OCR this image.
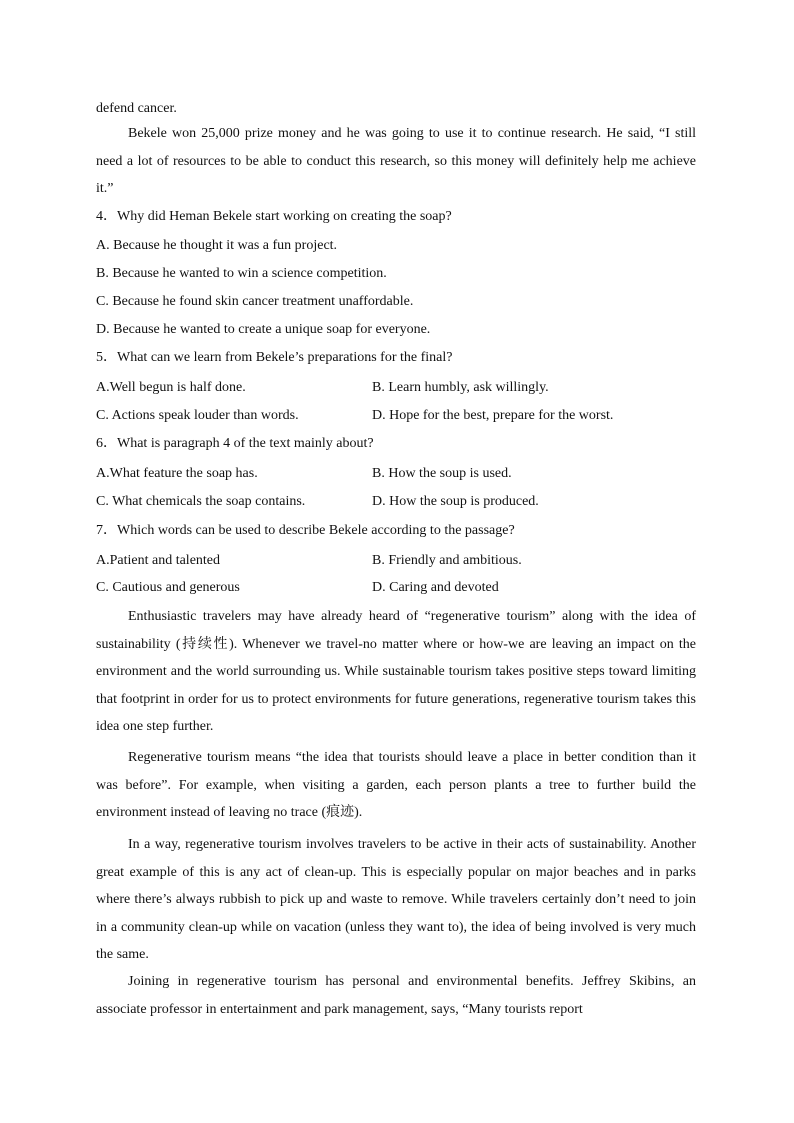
defend cancer.
Bekele won 25,000 prize money and he was going to use it to continue research. He said, “I still need a lot of resources to be able to conduct this research, so this money will definitely help me achieve it.”
4．Why did Heman Bekele start working on creating the soap?
A. Because he thought it was a fun project.
B. Because he wanted to win a science competition.
C. Because he found skin cancer treatment unaffordable.
D. Because he wanted to create a unique soap for everyone.
5．What can we learn from Bekele’s preparations for the final?
A.Well begun is half done.	B. Learn humbly, ask willingly.
C. Actions speak louder than words.	D. Hope for the best, prepare for the worst.
6．What is paragraph 4 of the text mainly about?
A.What feature the soap has.	B. How the soup is used.
C. What chemicals the soap contains.	D. How the soup is produced.
7．Which words can be used to describe Bekele according to the passage?
A.Patient and talented	B. Friendly and ambitious.
C. Cautious and generous	D. Caring and devoted
Enthusiastic travelers may have already heard of “regenerative tourism” along with the idea of sustainability (持续性). Whenever we travel-no matter where or how-we are leaving an impact on the environment and the world surrounding us. While sustainable tourism takes positive steps toward limiting that footprint in order for us to protect environments for future generations, regenerative tourism takes this idea one step further.
Regenerative tourism means “the idea that tourists should leave a place in better condition than it was before”. For example, when visiting a garden, each person plants a tree to further build the environment instead of leaving no trace (痕迹).
In a way, regenerative tourism involves travelers to be active in their acts of sustainability. Another great example of this is any act of clean-up. This is especially popular on major beaches and in parks where there’s always rubbish to pick up and waste to remove. While travelers certainly don’t need to join in a community clean-up while on vacation (unless they want to), the idea of being involved is very much the same.
Joining in regenerative tourism has personal and environmental benefits. Jeffrey Skibins, an associate professor in entertainment and park management, says, “Many tourists report
